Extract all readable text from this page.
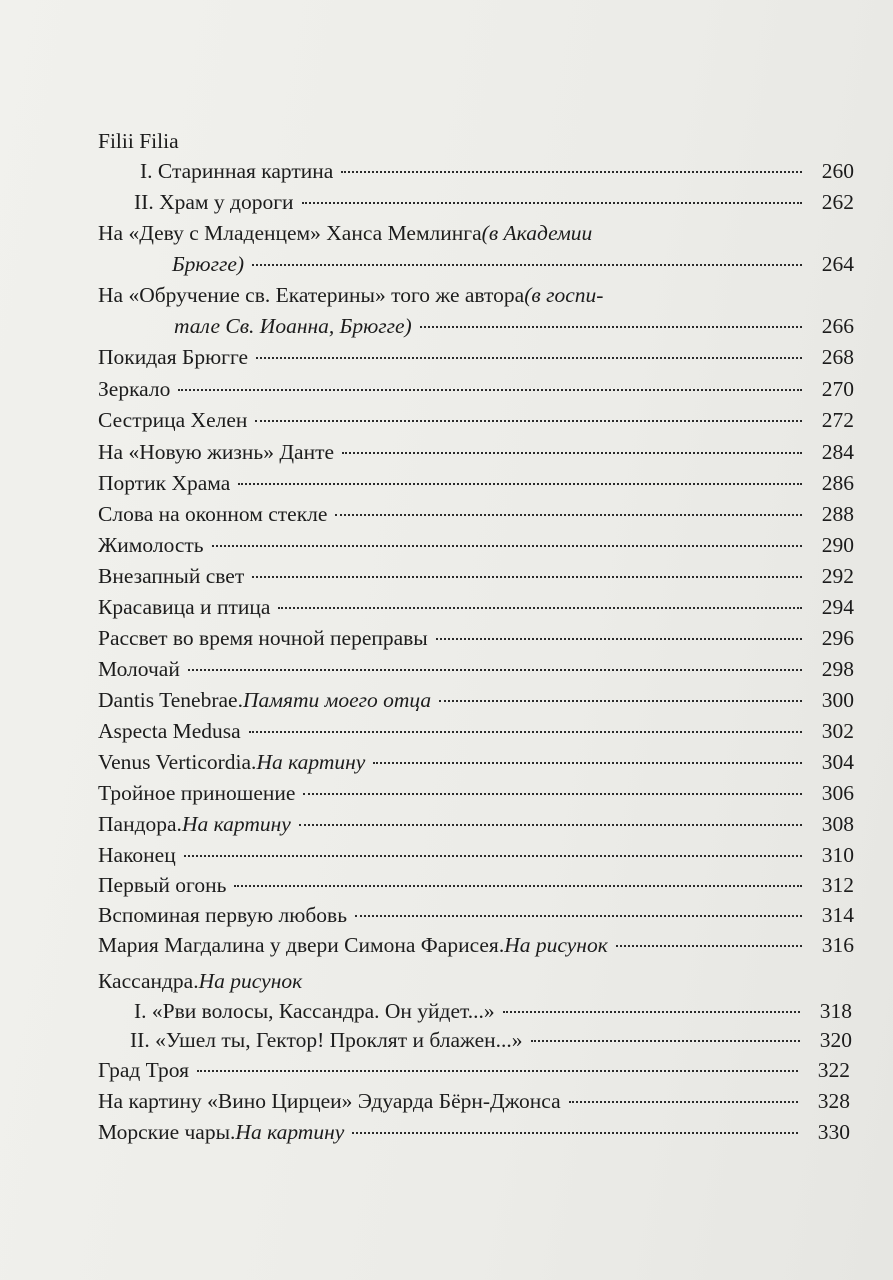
Filii Filia
I.
Старинная картина	260
II.
Храм у дороги	262
На «Деву с Младенцем» Ханса Мемлинга (в Академии
Брюгге)	264
На «Обручение св. Екатерины» того же автора (в госпи-
тале Св. Иоанна, Брюгге)	266
Покидая Брюгге	268
Зеркало	270
Сестрица Хелен	272
На «Новую жизнь» Данте	284
Портик Храма	286
Слова на оконном стекле	288
Жимолость	290
Внезапный свет	292
Красавица и птица	294
Рассвет во время ночной переправы	296
Молочай	298
Dantis Tenebrae. Памяти моего отца	300
Aspecta Medusa	302
Venus Verticordia. На картину	304
Тройное приношение	306
Пандора. На картину	308
Наконец	310
Первый огонь	312
Вспоминая первую любовь	314
Мария Магдалина у двери Симона Фарисея. На рисунок	316
Кассандра. На рисунок
I.
«Рви волосы, Кассандра. Он уйдет...»	318
II.
«Ушел ты, Гектор! Проклят и блажен...»	320
Град Троя	322
На картину «Вино Цирцеи» Эдуарда Бёрн-Джонса	328
Морские чары. На картину	330
